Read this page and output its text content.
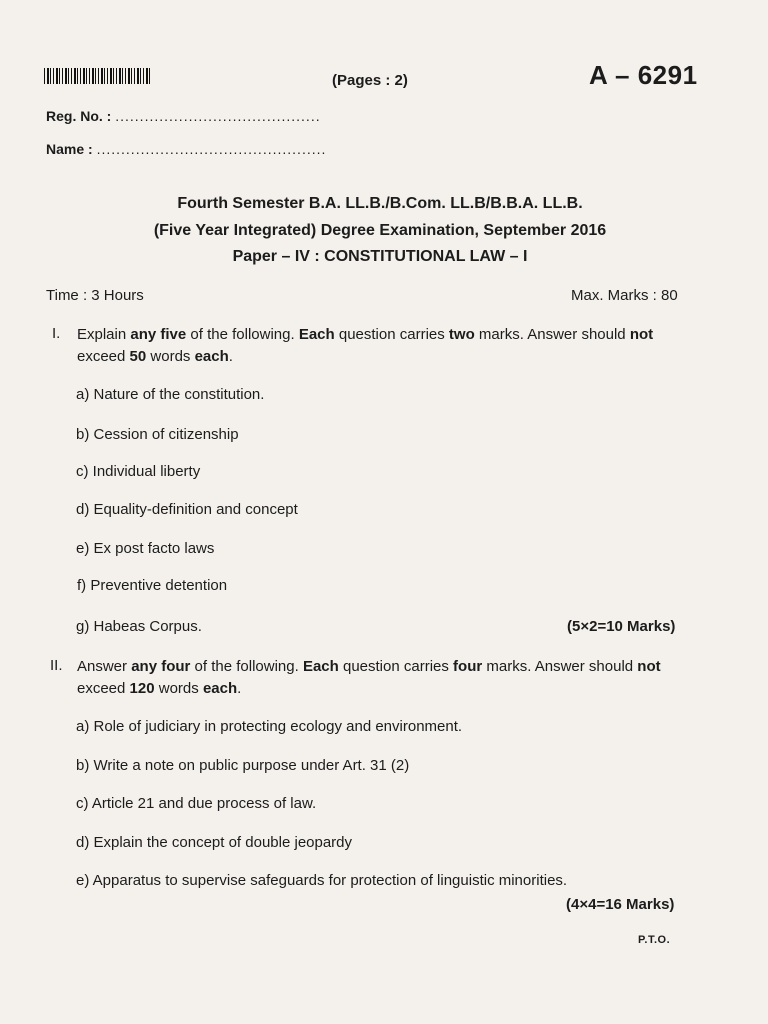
(Pages : 2)	A – 6291
Reg. No. : ..........................................
Name : ...............................................
Fourth Semester B.A. LL.B./B.Com. LL.B/B.B.A. LL.B.
(Five Year Integrated) Degree Examination, September 2016
Paper – IV : CONSTITUTIONAL LAW – I
Time : 3 Hours	Max. Marks : 80
I. Explain any five of the following. Each question carries two marks. Answer should not exceed 50 words each.
a) Nature of the constitution.
b) Cession of citizenship
c) Individual liberty
d) Equality-definition and concept
e) Ex post facto laws
f) Preventive detention
g) Habeas Corpus.	(5×2=10 Marks)
II. Answer any four of the following. Each question carries four marks. Answer should not exceed 120 words each.
a) Role of judiciary in protecting ecology and environment.
b) Write a note on public purpose under Art. 31 (2)
c) Article 21 and due process of law.
d) Explain the concept of double jeopardy
e) Apparatus to supervise safeguards for protection of linguistic minorities.
(4×4=16 Marks)
P.T.O.
